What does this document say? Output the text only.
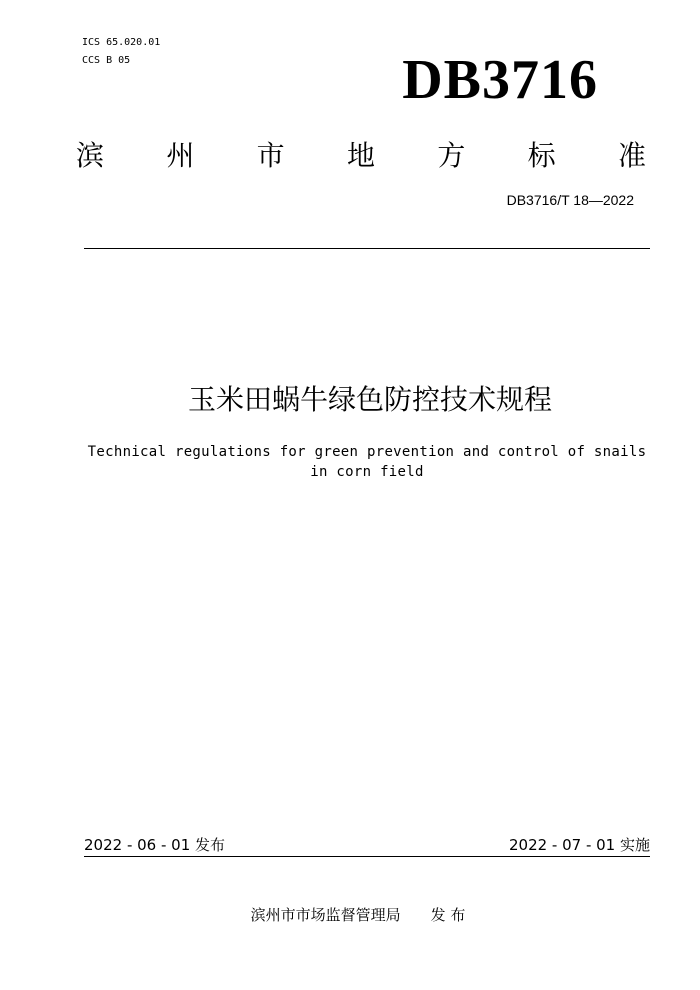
ICS 65.020.01
CCS B 05	DB3716
滨 州 市 地 方 标 准
DB3716/T 18—2022
玉米田蜗牛绿色防控技术规程
Technical regulations for green prevention and control of snails in corn field
2022 - 06 - 01 发布	2022 - 07 - 01 实施
滨州市市场监督管理局 发 布
